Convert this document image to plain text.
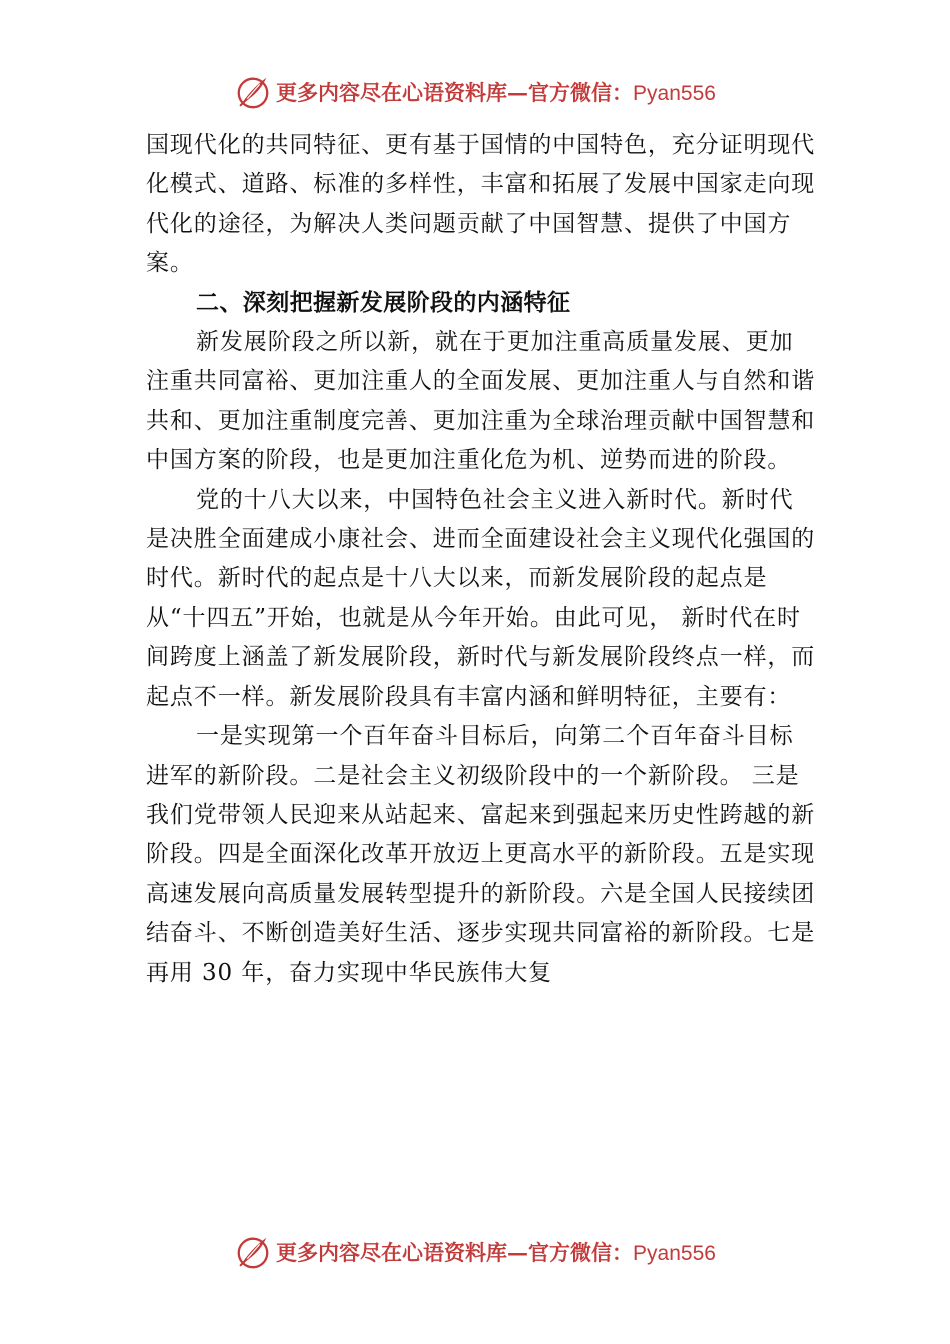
更多内容尽在心语资料库—官方微信：Pyan556

国现代化的共同特征、更有基于国情的中国特色，充分证明现代化模式、道路、标准的多样性，丰富和拓展了发展中国家走向现代化的途径，为解决人类问题贡献了中国智慧、提供了中国方案。

二、深刻把握新发展阶段的内涵特征

新发展阶段之所以新，就在于更加注重高质量发展、更加注重共同富裕、更加注重人的全面发展、更加注重人与自然和谐共和、更加注重制度完善、更加注重为全球治理贡献中国智慧和中国方案的阶段，也是更加注重化危为机、逆势而进的阶段。

党的十八大以来，中国特色社会主义进入新时代。新时代是决胜全面建成小康社会、进而全面建设社会主义现代化强国的时代。新时代的起点是十八大以来，而新发展阶段的起点是从“十四五”开始，也就是从今年开始。由此可见， 新时代在时间跨度上涵盖了新发展阶段，新时代与新发展阶段终点一样，而起点不一样。新发展阶段具有丰富内涵和鲜明特征，主要有：

一是实现第一个百年奋斗目标后，向第二个百年奋斗目标进军的新阶段。二是社会主义初级阶段中的一个新阶段。 三是我们党带领人民迎来从站起来、富起来到强起来历史性跨越的新阶段。四是全面深化改革开放迈上更高水平的新阶段。五是实现高速发展向高质量发展转型提升的新阶段。六是全国人民接续团结奋斗、不断创造美好生活、逐步实现共同富裕的新阶段。七是再用 30 年，奋力实现中华民族伟大复

更多内容尽在心语资料库—官方微信：Pyan556
